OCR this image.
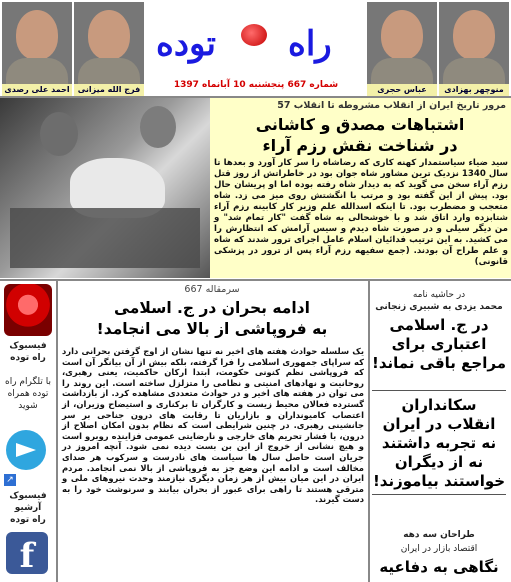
احمد علی رصدی	فرج الله میزانی
توده راه
شماره 667 پنجشنبه 10 آبانماه 1397	عباس حجری	منوچهر بهزادی
مرور تاریخ ایران از انقلاب مشروطه تا انقلاب 57
اشتباهات مصدق و کاشانی
در شناخت نقش رزم آراء
سید ضیاء سیاستمدار کهنه کاری که رضاشاه را سر کار آورد و بعدها تا سال 1340 نزدیک ترین مشاور شاه جوان بود در خاطراتش از روز قتل رزم آراء سخن می گوید که به دیدار شاه رفته بوده اما او پریشان حال بود. پیش از این گفته بود و مرتب با انگشتش روی میز می زد. شاه متعجب و مضطرب بود. تا اینکه اسدالله علم وزیر کار کابینه رزم آراء شتابزده وارد اتاق شد و با خوشحالی به شاه گفت "کار تمام شد" و من دیگر سیلی و در صورت شاه دیدم و سیس آرامش که انتظارش را می کشید. به این ترتیب فدائیان اسلام عامل اجرای ترور شدند که شاه و علم طراح آن بودند. (جمع سفیهه رزم آراء پس از ترور در پزشکی قانونی)
فیسبوک
راه توده
با تلگرام راه توده همراه شوید
↗
فیسبوک
آرشیو
راه توده
f
سرمقاله 667
ادامه بحران در ج. اسلامی
به فروپاشی از بالا می انجامد!
یک سلسله حوادث هفته های اخیر نه تنها نشان از اوج گرفتن بحرانی دارد که سراپای جمهوری اسلامی را فرا گرفته، بلکه بیش از آن بیانگر آن است که فروپاشی نظم کنونی حکومت، ابتدا ارکان حاکمیت، یعنی رهبری، روحانیت و نهادهای امنیتی و نظامی را متزلزل ساخته است. این روند را می توان در هفته های اخیر و در حوادث متعددی مشاهده کرد. از بازداشت گسترده فعالان محیط زیست و کارگران تا برکناری و استیضاح وزیران، از اعتصاب کامیونداران و بازاریان تا رقابت های درون جناحی بر سر جانشینی رهبری. در چنین شرایطی است که نظام بدون امکان اصلاح از درون، با فشار تحریم های خارجی و نارضایتی عمومی فزاینده روبرو است و هیچ نشانی از خروج از این بن بست دیده نمی شود. آنچه امروز در جریان است حاصل سال ها سیاست های نادرست و سرکوب هر صدای مخالف است و ادامه این وضع جز به فروپاشی از بالا نمی انجامد. مردم ایران در این میان بیش از هر زمان دیگری نیازمند وحدت نیروهای ملی و مترقی هستند تا راهی برای عبور از بحران بیابند و سرنوشت خود را به دست گیرند.
در حاشیه نامه
محمد یزدی به شبیری زنجانی
در ج. اسلامی
اعتباری برای
مراجع باقی نماند!
سکانداران
انقلاب در ایران
نه تجربه داشتند
نه از دیگران
خواستند بیاموزند!
طراحان سه دهه
اقتصاد بازار در ایران
نگاهی به دفاعیه
